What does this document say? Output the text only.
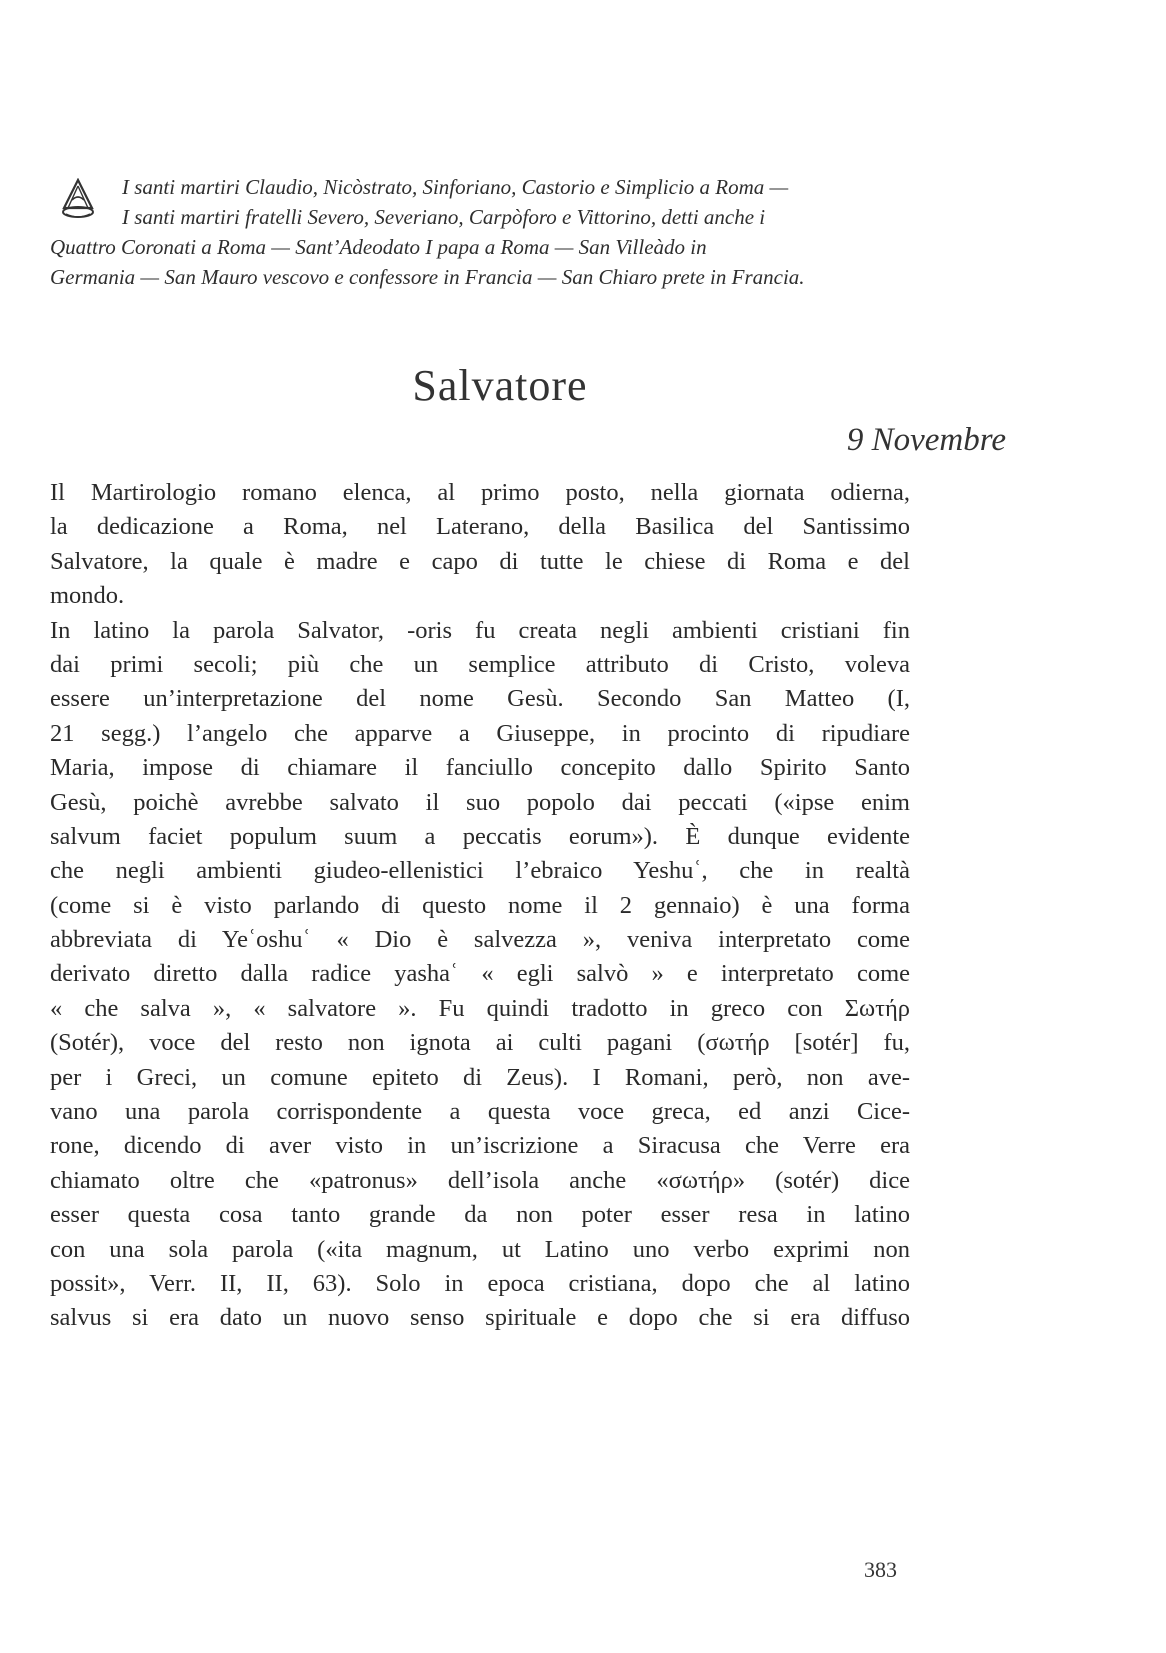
I santi martiri Claudio, Nicòstrato, Sinforiano, Castorio e Simplicio a Roma —

I santi martiri fratelli Severo, Severiano, Carpòforo e Vittorino, detti anche i

Quattro Coronati a Roma — Sant’Adeodato I papa a Roma — San Villeàdo in

Germania — San Mauro vescovo e confessore in Francia — San Chiaro prete in Francia.

Salvatore
9 Novembre
Il Martirologio romano elenca, al primo posto, nella giornata odierna,
la dedicazione a Roma, nel Laterano, della Basilica del Santissimo
Salvatore, la quale è madre e capo di tutte le chiese di Roma e del
mondo.
In latino la parola Salvator, -oris fu creata negli ambienti cristiani fin
dai primi secoli; più che un semplice attributo di Cristo, voleva
essere un’interpretazione del nome Gesù. Secondo San Matteo (I,
21 segg.) l’angelo che apparve a Giuseppe, in procinto di ripudiare
Maria, impose di chiamare il fanciullo concepito dallo Spirito Santo
Gesù, poichè avrebbe salvato il suo popolo dai peccati («ipse enim
salvum faciet populum suum a peccatis eorum»). È dunque evidente
che negli ambienti giudeo-ellenistici l’ebraico Yeshuʿ, che in realtà
(come si è visto parlando di questo nome il 2 gennaio) è una forma
abbreviata di Yeʿoshuʿ « Dio è salvezza », veniva interpretato come
derivato diretto dalla radice yashaʿ « egli salvò » e interpretato come
« che salva », « salvatore ». Fu quindi tradotto in greco con Σωτήρ
(Sotér), voce del resto non ignota ai culti pagani (σωτήρ [sotér] fu,
per i Greci, un comune epiteto di Zeus). I Romani, però, non ave-
vano una parola corrispondente a questa voce greca, ed anzi Cice-
rone, dicendo di aver visto in un’iscrizione a Siracusa che Verre era
chiamato oltre che «patronus» dell’isola anche «σωτήρ» (sotér) dice
esser questa cosa tanto grande da non poter esser resa in latino
con una sola parola («ita magnum, ut Latino uno verbo exprimi non
possit», Verr. II, II, 63). Solo in epoca cristiana, dopo che al latino
salvus si era dato un nuovo senso spirituale e dopo che si era diffuso
383
